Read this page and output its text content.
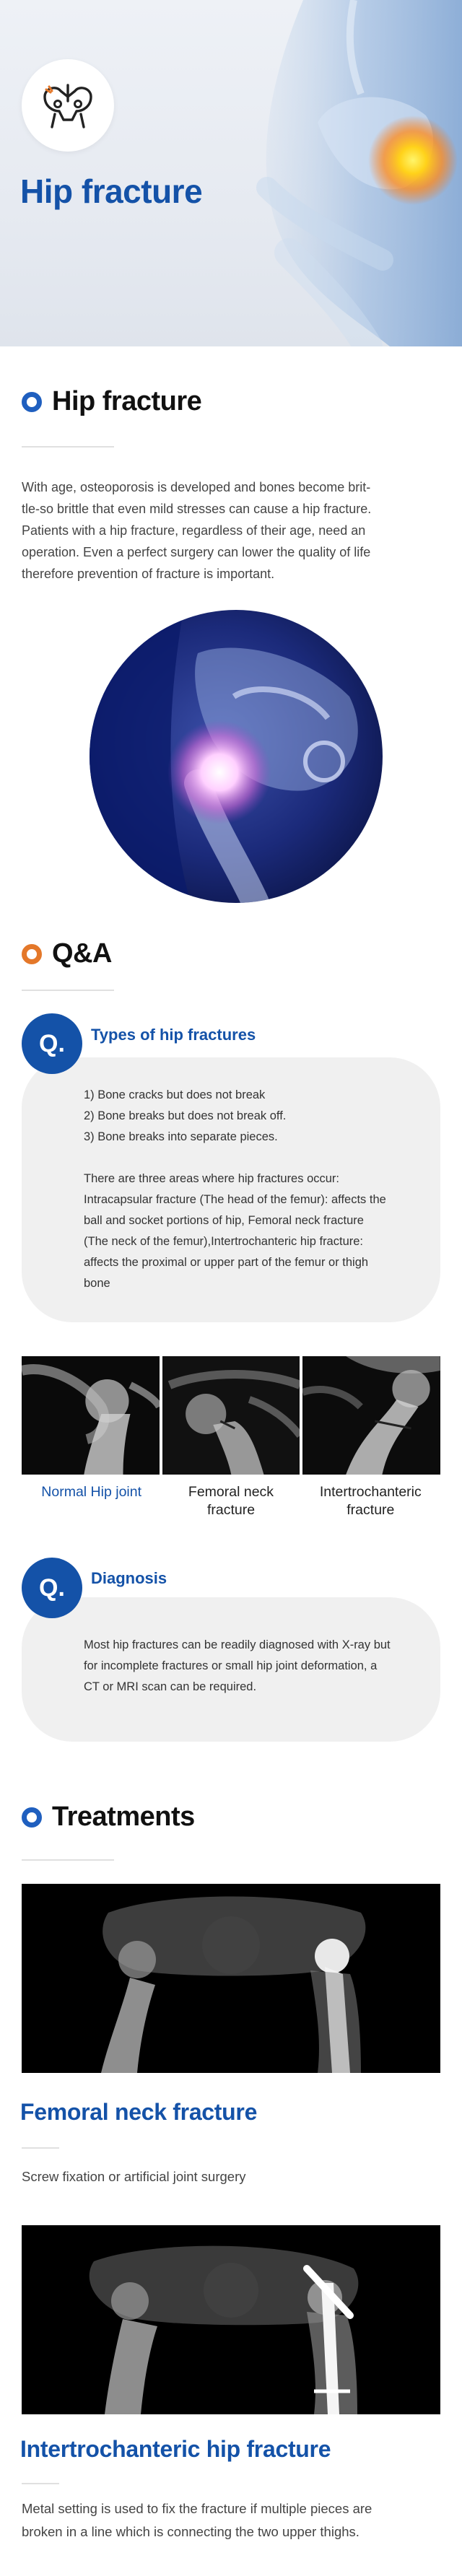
Hip fracture
Hip fracture
With age, osteoporosis is developed and bones become brit-
tle-so brittle that even mild stresses can cause a hip fracture.
Patients with a hip fracture, regardless of their age, need an
operation. Even a perfect surgery can lower the quality of life
therefore prevention of fracture is important.
Q&A
1) Bone cracks but does not break
2) Bone breaks but does not break off.
3) Bone breaks into separate pieces.
There are three areas where hip fractures occur:
Intracapsular fracture (The head of the femur): affects the
ball and socket portions of hip, Femoral neck fracture
(The neck of the femur),Intertrochanteric hip fracture:
affects the proximal or upper part of the femur or thigh
bone
Q.	Types of hip fractures
Normal Hip joint	Femoral neck
fracture
Intertrochanteric
fracture
Most hip fractures can be readily diagnosed with X-ray but
for incomplete fractures or small hip joint deformation, a
CT or MRI scan can be required.
Q.	Diagnosis
Treatments
Femoral neck fracture
Screw fixation or artificial joint surgery
Intertrochanteric hip fracture
Metal setting is used to fix the fracture if multiple pieces are
broken in a line which is connecting the two upper thighs.
